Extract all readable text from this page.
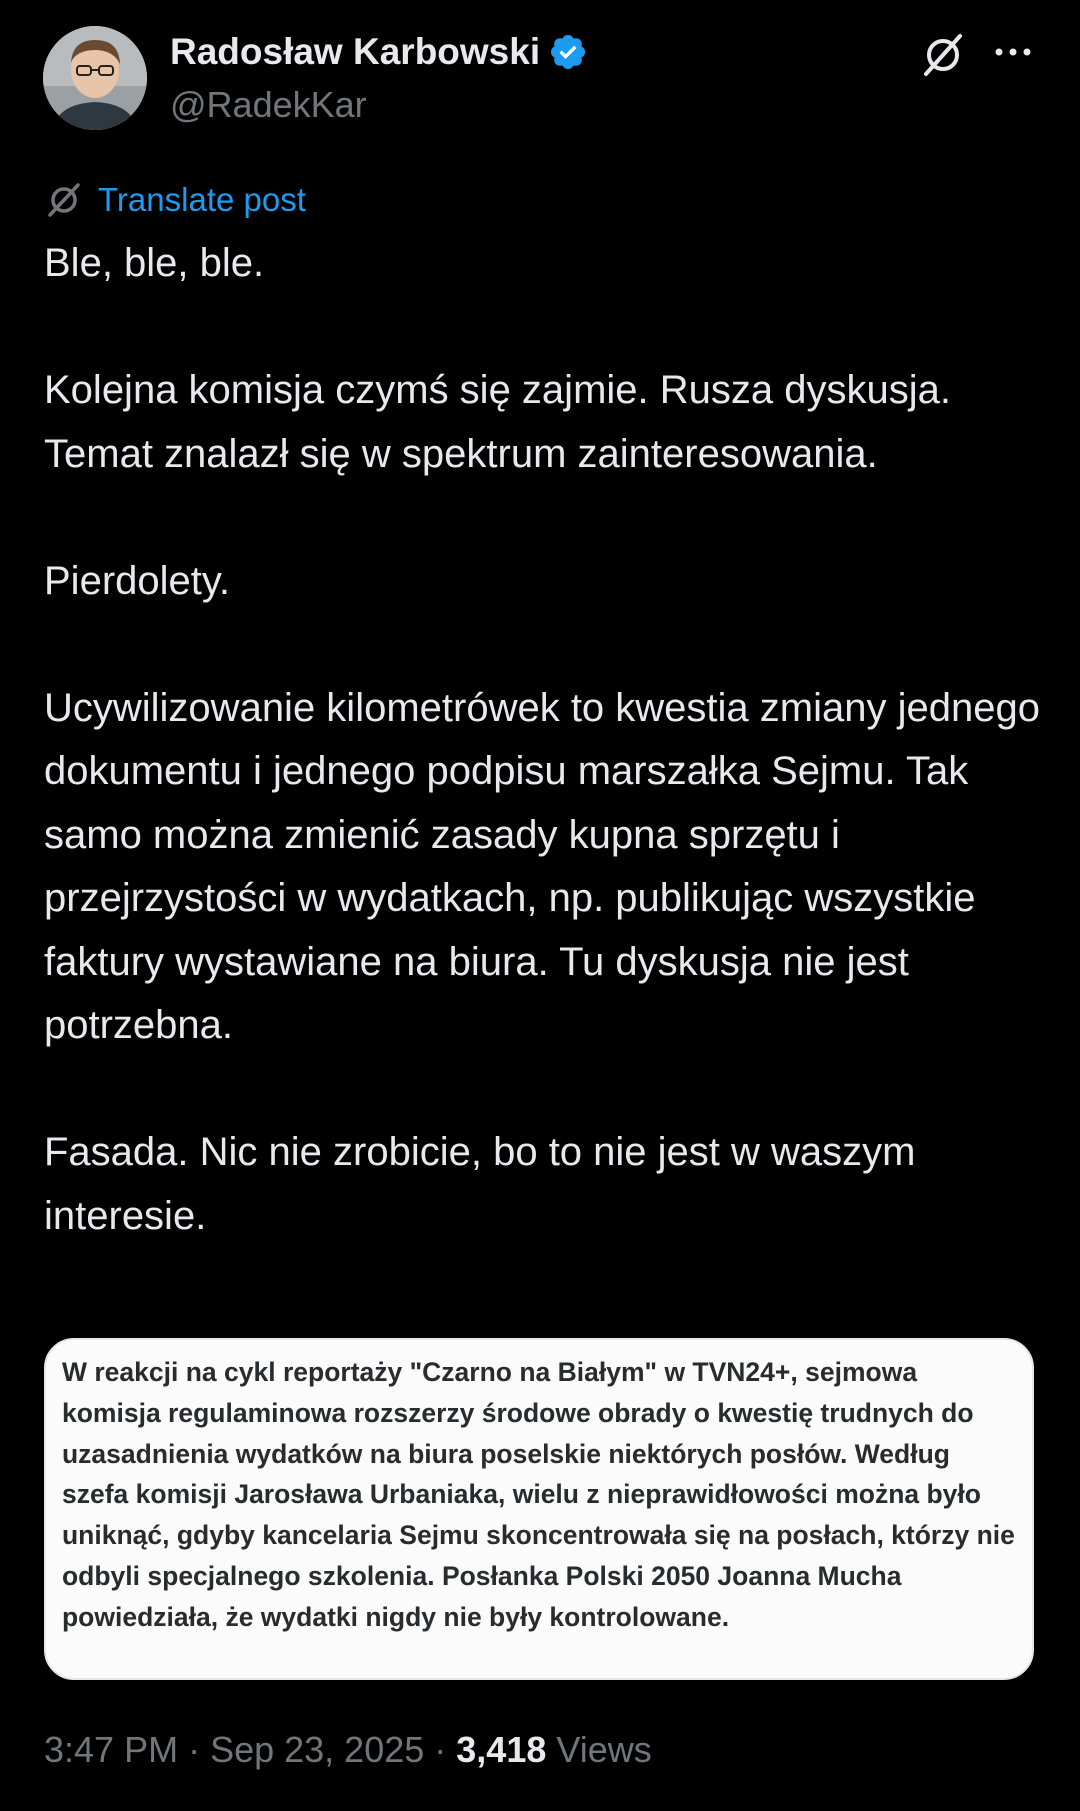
Radosław Karbowski
@RadekKar
Translate post

Ble, ble, ble.

Kolejna komisja czymś się zajmie. Rusza dyskusja. Temat znalazł się w spektrum zainteresowania.

Pierdolety.

Ucywilizowanie kilometrówek to kwestia zmiany jednego dokumentu i jednego podpisu marszałka Sejmu. Tak samo można zmienić zasady kupna sprzętu i przejrzystości w wydatkach, np. publikując wszystkie faktury wystawiane na biura. Tu dyskusja nie jest potrzebna.

Fasada. Nic nie zrobicie, bo to nie jest w waszym interesie.

W reakcji na cykl reportaży "Czarno na Białym" w TVN24+, sejmowa komisja regulaminowa rozszerzy środowe obrady o kwestię trudnych do uzasadnienia wydatków na biura poselskie niektórych posłów. Według szefa komisji Jarosława Urbaniaka, wielu z nieprawidłowości można było uniknąć, gdyby kancelaria Sejmu skoncentrowała się na posłach, którzy nie odbyli specjalnego szkolenia. Posłanka Polski 2050 Joanna Mucha powiedziała, że wydatki nigdy nie były kontrolowane.

3:47 PM · Sep 23, 2025 · 3,418 Views
